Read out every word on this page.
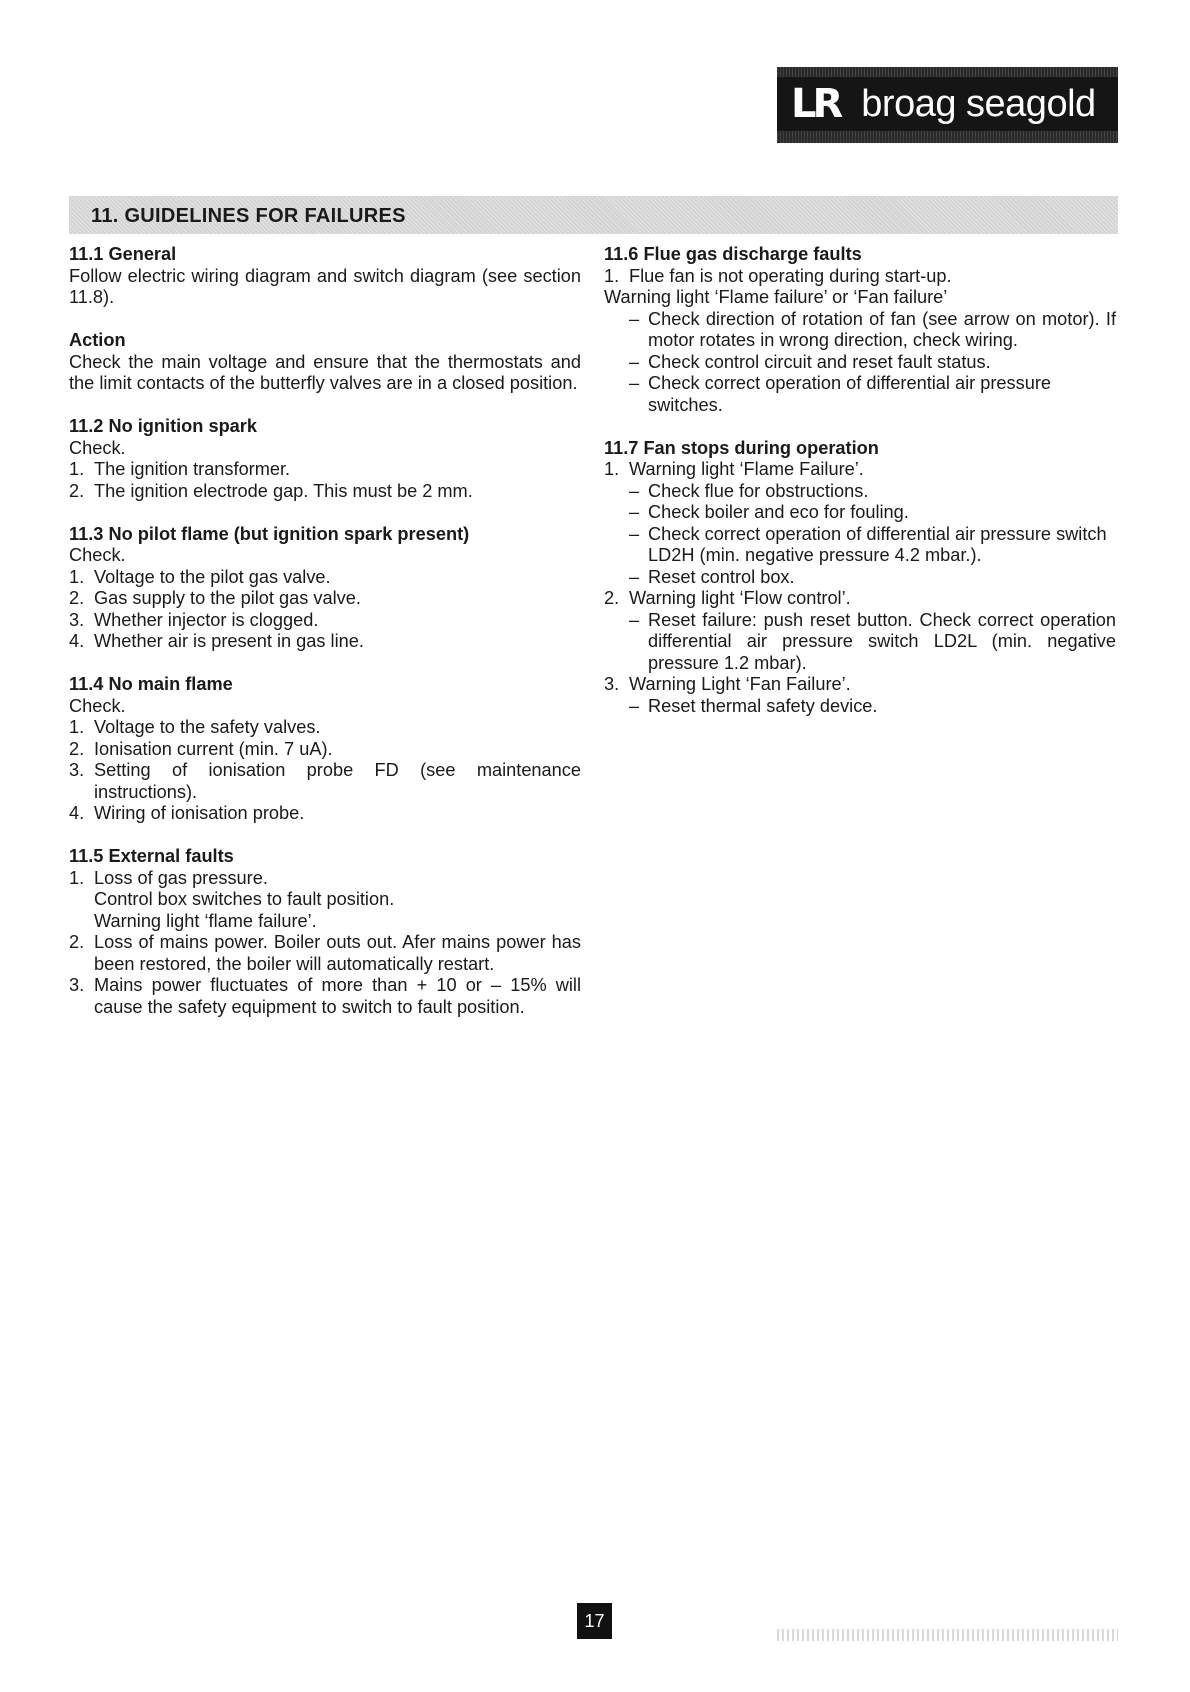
LR broag seagold
11. GUIDELINES FOR FAILURES

11.1 General

Follow electric wiring diagram and switch diagram (see section 11.8).

Action

Check the main voltage and ensure that the thermostats and the limit contacts of the butterfly valves are in a closed position.

11.2 No ignition spark

Check.

1. The ignition transformer.
2. The ignition electrode gap. This must be 2 mm.

11.3 No pilot flame (but ignition spark present)

Check.

1. Voltage to the pilot gas valve.
2. Gas supply to the pilot gas valve.
3. Whether injector is clogged.
4. Whether air is present in gas line.

11.4 No main flame

Check.

1. Voltage to the safety valves.
2. Ionisation current (min. 7 uA).
3. Setting of ionisation probe FD (see maintenance instructions).
4. Wiring of ionisation probe.

11.5 External faults

1. Loss of gas pressure.
Control box switches to fault position.
Warning light ‘flame failure’.
2. Loss of mains power. Boiler outs out. Afer mains power has been restored, the boiler will automatically restart.
3. Mains power fluctuates of more than + 10 or – 15% will cause the safety equipment to switch to fault position.

11.6 Flue gas discharge faults

1. Flue fan is not operating during start-up.

Warning light ‘Flame failure’ or ‘Fan failure’

– Check direction of rotation of fan (see arrow on motor). If motor rotates in wrong direction, check wiring.
– Check control circuit and reset fault status.
– Check correct operation of differential air pressure switches.

11.7 Fan stops during operation

1. Warning light ‘Flame Failure’.
– Check flue for obstructions.
– Check boiler and eco for fouling.
– Check correct operation of differential air pressure switch LD2H (min. negative pressure 4.2 mbar.).
– Reset control box.
2. Warning light ‘Flow control’.
– Reset failure: push reset button. Check correct operation differential air pressure switch LD2L (min. negative pressure 1.2 mbar).
3. Warning Light ‘Fan Failure’.
– Reset thermal safety device.
17
